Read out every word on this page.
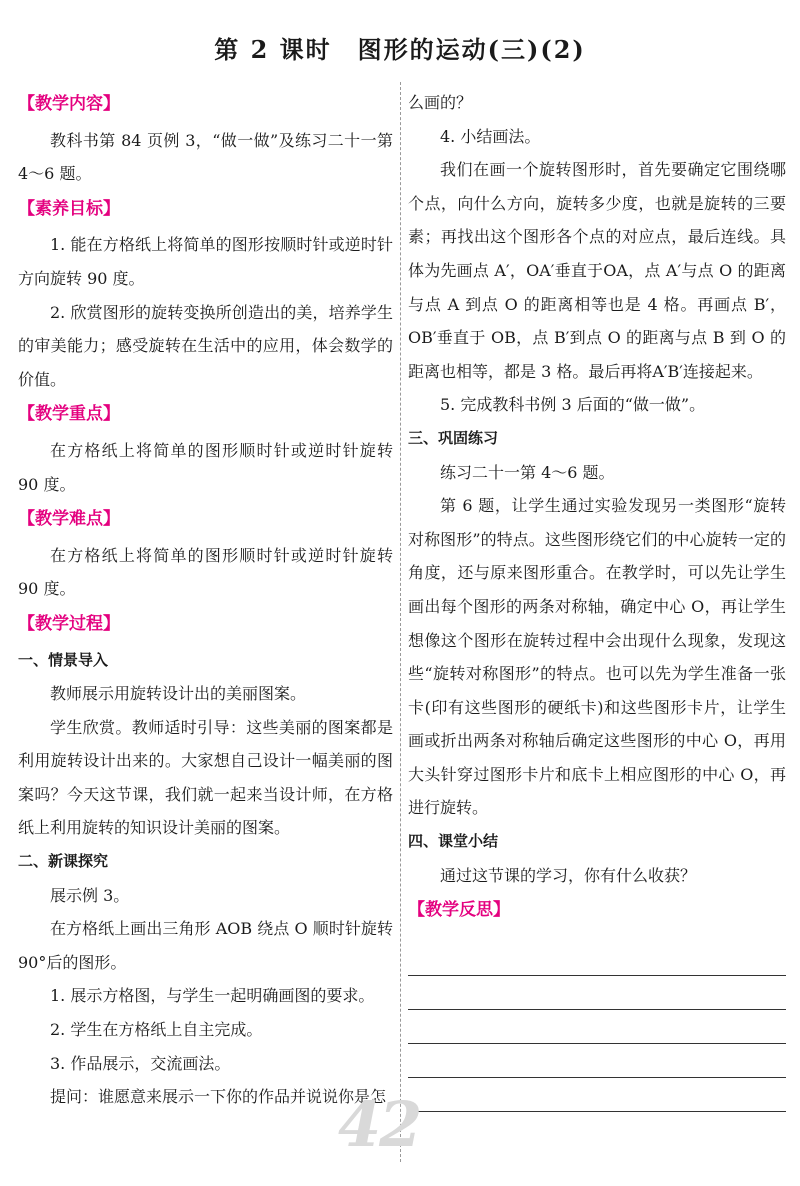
第 2 课时　图形的运动(三)(2)
【教学内容】

教科书第 84 页例 3，“做一做”及练习二十一第 4～6 题。

【素养目标】

1. 能在方格纸上将简单的图形按顺时针或逆时针方向旋转 90 度。

2. 欣赏图形的旋转变换所创造出的美，培养学生的审美能力；感受旋转在生活中的应用，体会数学的价值。

【教学重点】

在方格纸上将简单的图形顺时针或逆时针旋转 90 度。

【教学难点】

在方格纸上将简单的图形顺时针或逆时针旋转 90 度。

【教学过程】

一、情景导入

教师展示用旋转设计出的美丽图案。

学生欣赏。教师适时引导：这些美丽的图案都是利用旋转设计出来的。大家想自己设计一幅美丽的图案吗？今天这节课，我们就一起来当设计师，在方格纸上利用旋转的知识设计美丽的图案。

二、新课探究

展示例 3。

在方格纸上画出三角形 AOB 绕点 O 顺时针旋转 90°后的图形。

1. 展示方格图，与学生一起明确画图的要求。

2. 学生在方格纸上自主完成。

3. 作品展示，交流画法。

提问：谁愿意来展示一下你的作品并说说你是怎

么画的？

4. 小结画法。

我们在画一个旋转图形时，首先要确定它围绕哪个点，向什么方向，旋转多少度，也就是旋转的三要素；再找出这个图形各个点的对应点，最后连线。具体为先画点 A′，OA′垂直于OA，点 A′与点 O 的距离与点 A 到点 O 的距离相等也是 4 格。再画点 B′，OB′垂直于 OB，点 B′到点 O 的距离与点 B 到 O 的距离也相等，都是 3 格。最后再将A′B′连接起来。

5. 完成教科书例 3 后面的“做一做”。

三、巩固练习

练习二十一第 4～6 题。

第 6 题，让学生通过实验发现另一类图形“旋转对称图形”的特点。这些图形绕它们的中心旋转一定的角度，还与原来图形重合。在教学时，可以先让学生画出每个图形的两条对称轴，确定中心 O，再让学生想像这个图形在旋转过程中会出现什么现象，发现这些“旋转对称图形”的特点。也可以先为学生准备一张卡(印有这些图形的硬纸卡)和这些图形卡片，让学生画或折出两条对称轴后确定这些图形的中心 O，再用大头针穿过图形卡片和底卡上相应图形的中心 O，再进行旋转。

四、课堂小结

通过这节课的学习，你有什么收获？

【教学反思】
42
